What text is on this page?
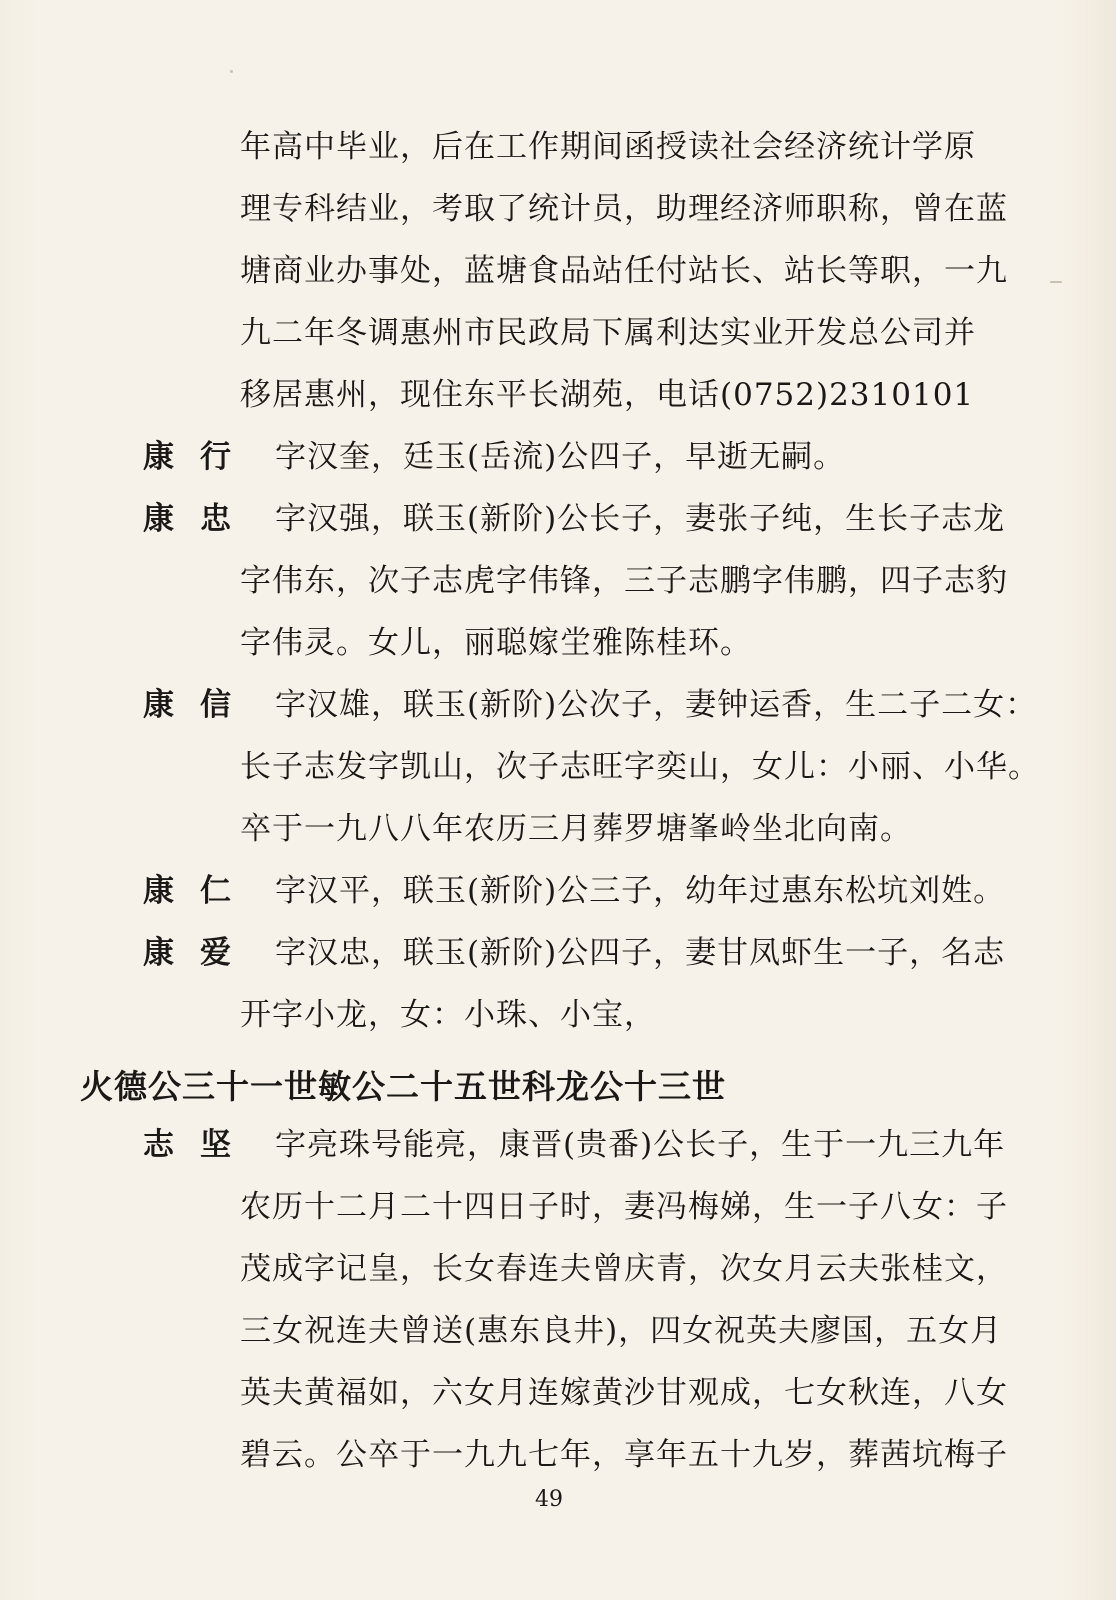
年高中毕业，后在工作期间函授读社会经济统计学原
理专科结业，考取了统计员，助理经济师职称，曾在蓝
塘商业办事处，蓝塘食品站任付站长、站长等职，一九
九二年冬调惠州市民政局下属利达实业开发总公司并
移居惠州，现住东平长湖苑，电话(0752)2310101
康行 字汉奎，廷玉(岳流)公四子，早逝无嗣。
康忠 字汉强，联玉(新阶)公长子，妻张子纯，生长子志龙
字伟东，次子志虎字伟锋，三子志鹏字伟鹏，四子志豹
字伟灵。女儿，丽聪嫁坣雅陈桂环。
康信 字汉雄，联玉(新阶)公次子，妻钟运香，生二子二女：
长子志发字凯山，次子志旺字奕山，女儿：小丽、小华。
卒于一九八八年农历三月葬罗塘峯岭坐北向南。
康仁 字汉平，联玉(新阶)公三子，幼年过惠东松坑刘姓。
康爱 字汉忠，联玉(新阶)公四子，妻甘凤虾生一子，名志
开字小龙，女：小珠、小宝，
火德公三十一世敏公二十五世科龙公十三世
志坚 字亮珠号能亮，康晋(贵番)公长子，生于一九三九年
农历十二月二十四日子时，妻冯梅娣，生一子八女：子
茂成字记皇，长女春连夫曾庆青，次女月云夫张桂文，
三女祝连夫曾送(惠东良井)，四女祝英夫廖国，五女月
英夫黄福如，六女月连嫁黄沙甘观成，七女秋连，八女
碧云。公卒于一九九七年，享年五十九岁，葬茜坑梅子
49
